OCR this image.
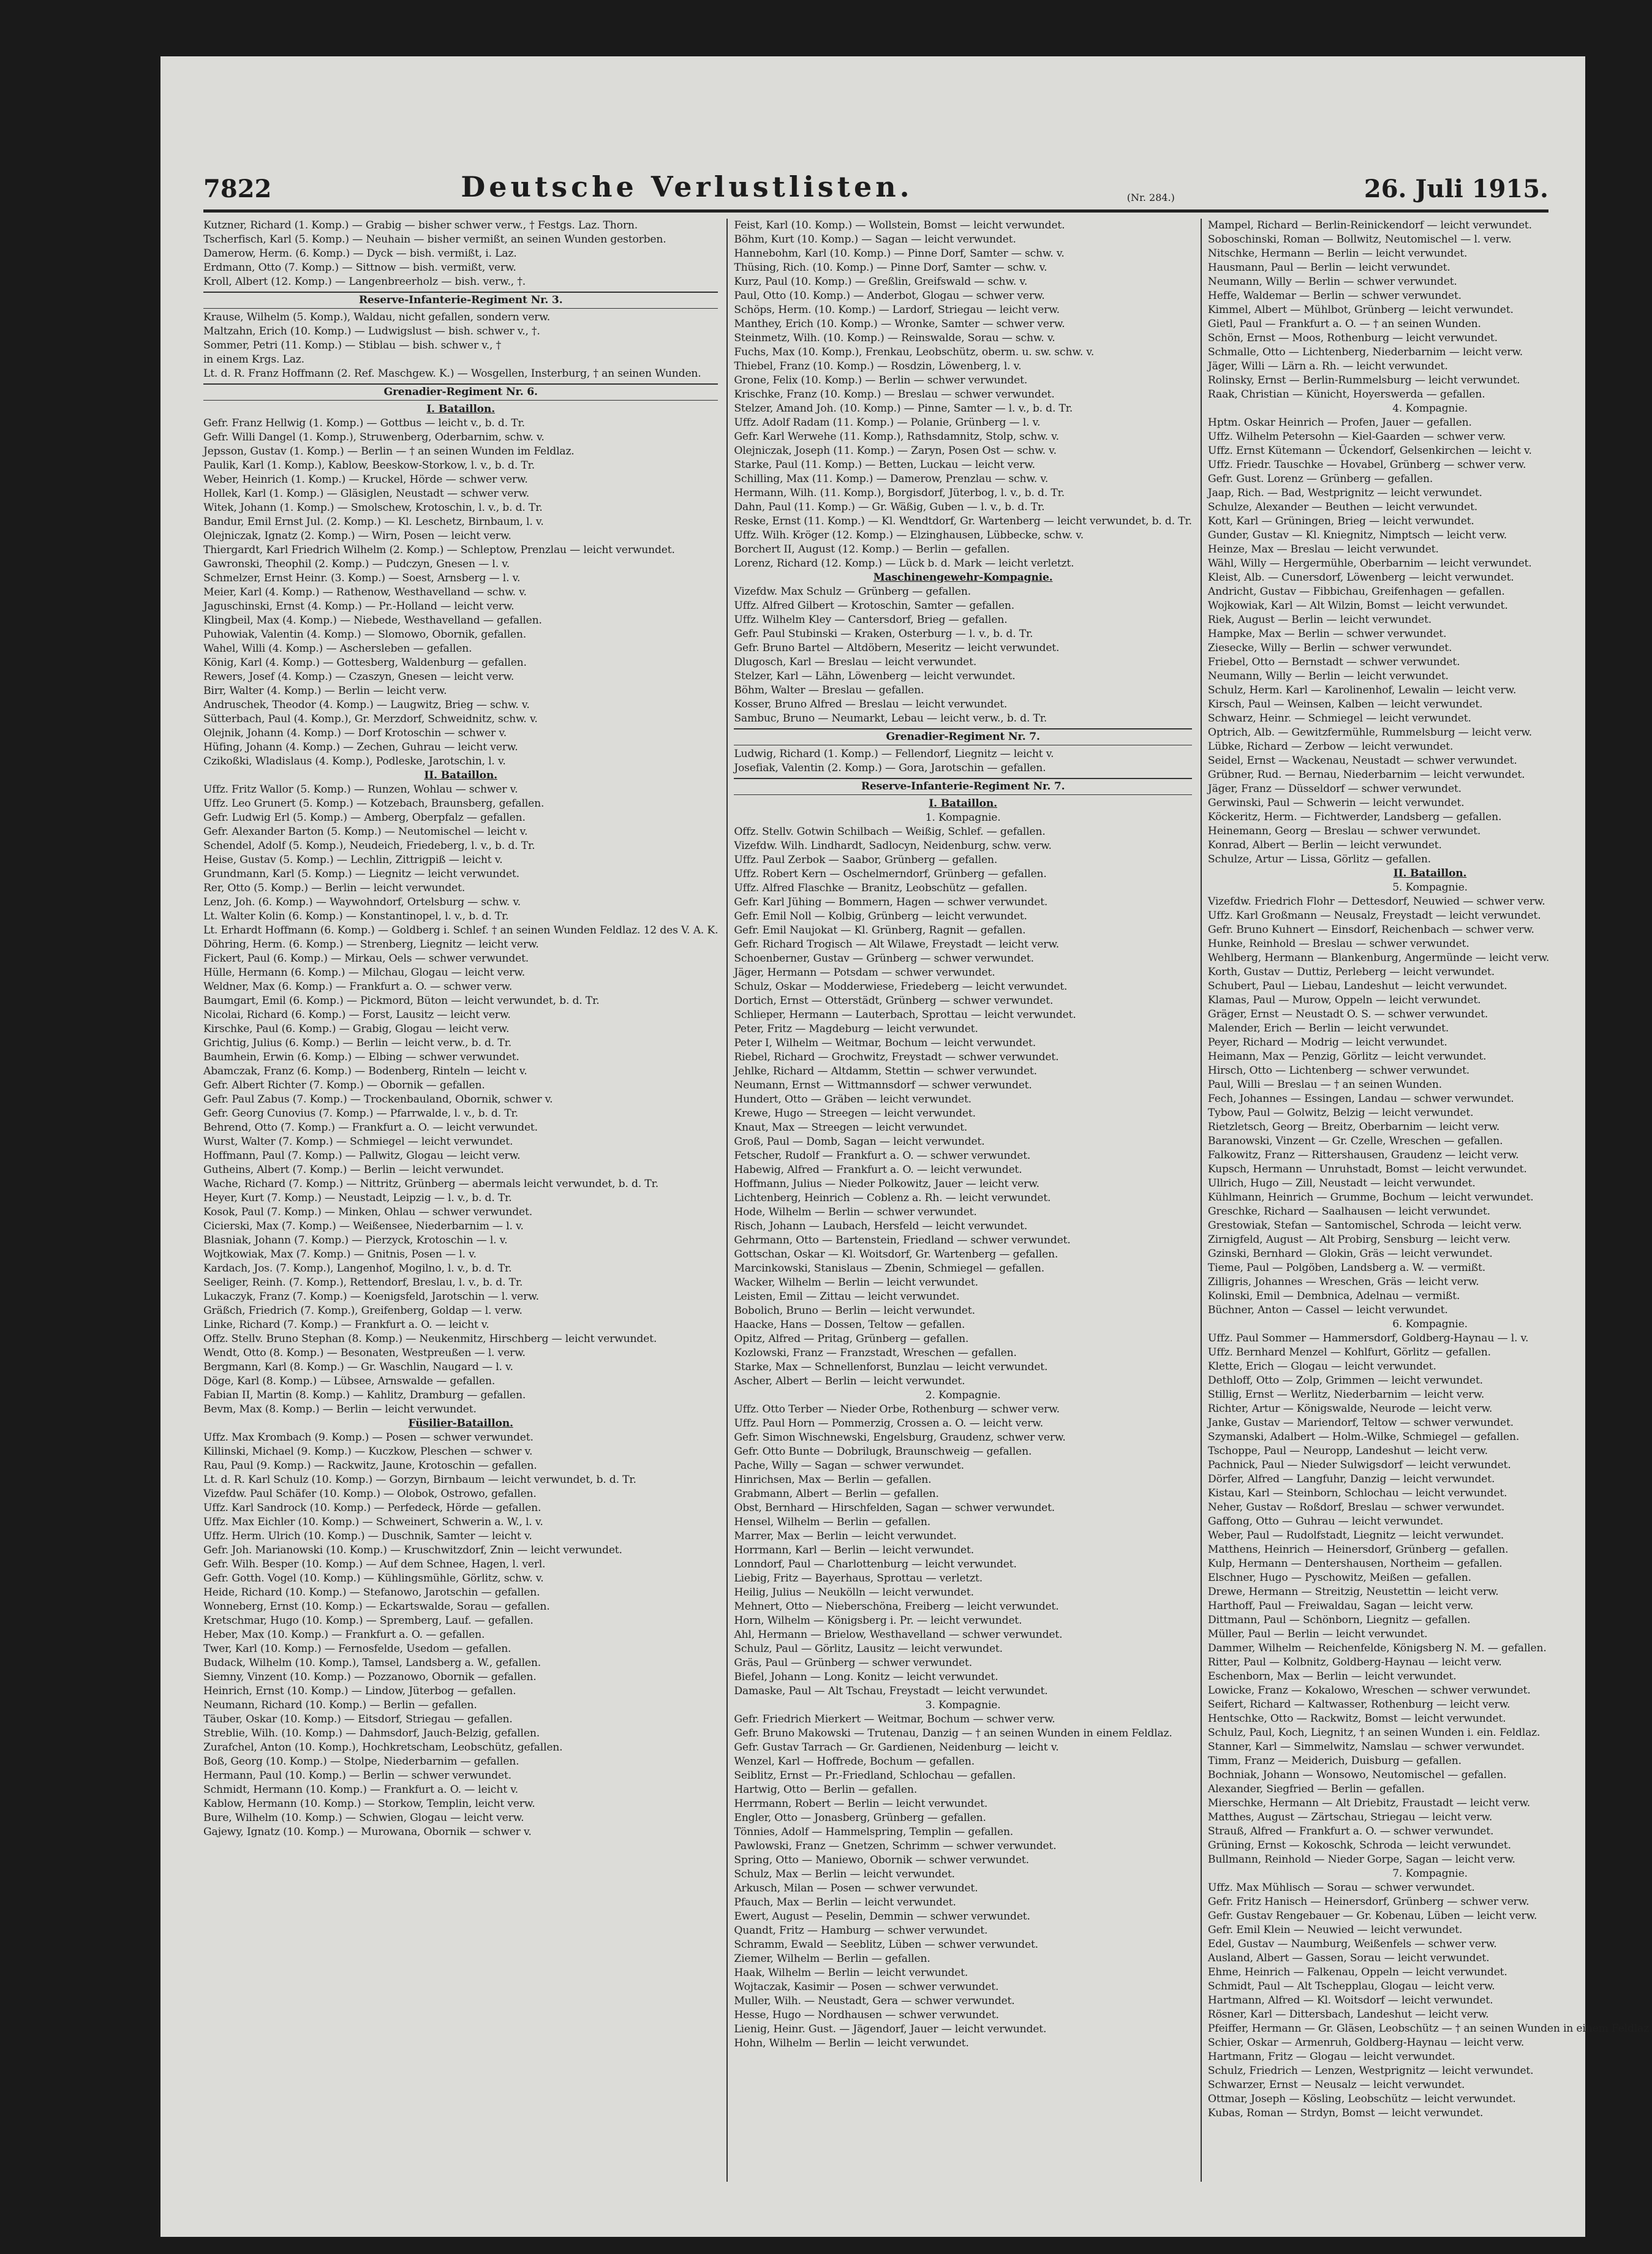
7822	Deutsche Verlustlisten.	(Nr. 284.)	26. Juli 1915.
Kutzner, Richard (1. Komp.) — Grabig — bisher schwer verw., † Festgs. Laz. Thorn.
Tscherfisch, Karl (5. Komp.) — Neuhain — bisher vermißt, an seinen Wunden gestorben.
Damerow, Herm. (6. Komp.) — Dyck — bish. vermißt, i. Laz.
Erdmann, Otto (7. Komp.) — Sittnow — bish. vermißt, verw.
Kroll, Albert (12. Komp.) — Langenbreerholz — bish. verw., †.
Reserve-Infanterie-Regiment Nr. 3.
Krause, Wilhelm (5. Komp.), Waldau, nicht gefallen, sondern verw.
Maltzahn, Erich (10. Komp.) — Ludwigslust — bish. schwer v., †.
Sommer, Petri (11. Komp.) — Stiblau — bish. schwer v., †
in einem Krgs. Laz.
Lt. d. R. Franz Hoffmann (2. Ref. Maschgew. K.) — Wosgellen, Insterburg, † an seinen Wunden.
Grenadier-Regiment Nr. 6.
I. Bataillon.
Gefr. Franz Hellwig (1. Komp.) — Gottbus — leicht v., b. d. Tr.
Gefr. Willi Dangel (1. Komp.), Struwenberg, Oderbarnim, schw. v.
Jepsson, Gustav (1. Komp.) — Berlin — † an seinen Wunden im Feldlaz.
Paulik, Karl (1. Komp.), Kablow, Beeskow-Storkow, l. v., b. d. Tr.
Weber, Heinrich (1. Komp.) — Kruckel, Hörde — schwer verw.
Hollek, Karl (1. Komp.) — Gläsiglen, Neustadt — schwer verw.
Witek, Johann (1. Komp.) — Smolschew, Krotoschin, l. v., b. d. Tr.
Bandur, Emil Ernst Jul. (2. Komp.) — Kl. Leschetz, Birnbaum, l. v.
Olejniczak, Ignatz (2. Komp.) — Wirn, Posen — leicht verw.
Thiergardt, Karl Friedrich Wilhelm (2. Komp.) — Schleptow, Prenzlau — leicht verwundet.
Gawronski, Theophil (2. Komp.) — Pudczyn, Gnesen — l. v.
Schmelzer, Ernst Heinr. (3. Komp.) — Soest, Arnsberg — l. v.
Meier, Karl (4. Komp.) — Rathenow, Westhavelland — schw. v.
Jaguschinski, Ernst (4. Komp.) — Pr.-Holland — leicht verw.
Klingbeil, Max (4. Komp.) — Niebede, Westhavelland — gefallen.
Puhowiak, Valentin (4. Komp.) — Slomowo, Obornik, gefallen.
Wahel, Willi (4. Komp.) — Aschersleben — gefallen.
König, Karl (4. Komp.) — Gottesberg, Waldenburg — gefallen.
Rewers, Josef (4. Komp.) — Czaszyn, Gnesen — leicht verw.
Birr, Walter (4. Komp.) — Berlin — leicht verw.
Andruschek, Theodor (4. Komp.) — Laugwitz, Brieg — schw. v.
Sütterbach, Paul (4. Komp.), Gr. Merzdorf, Schweidnitz, schw. v.
Olejnik, Johann (4. Komp.) — Dorf Krotoschin — schwer v.
Hüfing, Johann (4. Komp.) — Zechen, Guhrau — leicht verw.
Czikoßki, Wladislaus (4. Komp.), Podleske, Jarotschin, l. v.
II. Bataillon.
Uffz. Fritz Wallor (5. Komp.) — Runzen, Wohlau — schwer v.
Uffz. Leo Grunert (5. Komp.) — Kotzebach, Braunsberg, gefallen.
Gefr. Ludwig Erl (5. Komp.) — Amberg, Oberpfalz — gefallen.
Gefr. Alexander Barton (5. Komp.) — Neutomischel — leicht v.
Schendel, Adolf (5. Komp.), Neudeich, Friedeberg, l. v., b. d. Tr.
Heise, Gustav (5. Komp.) — Lechlin, Zittrigpiß — leicht v.
Grundmann, Karl (5. Komp.) — Liegnitz — leicht verwundet.
Rer, Otto (5. Komp.) — Berlin — leicht verwundet.
Lenz, Joh. (6. Komp.) — Waywohndorf, Ortelsburg — schw. v.
Lt. Walter Kolin (6. Komp.) — Konstantinopel, l. v., b. d. Tr.
Lt. Erhardt Hoffmann (6. Komp.) — Goldberg i. Schlef. † an seinen Wunden Feldlaz. 12 des V. A. K.
Döhring, Herm. (6. Komp.) — Strenberg, Liegnitz — leicht verw.
Fickert, Paul (6. Komp.) — Mirkau, Oels — schwer verwundet.
Hülle, Hermann (6. Komp.) — Milchau, Glogau — leicht verw.
Weldner, Max (6. Komp.) — Frankfurt a. O. — schwer verw.
Baumgart, Emil (6. Komp.) — Pickmord, Büton — leicht verwundet, b. d. Tr.
Nicolai, Richard (6. Komp.) — Forst, Lausitz — leicht verw.
Kirschke, Paul (6. Komp.) — Grabig, Glogau — leicht verw.
Grichtig, Julius (6. Komp.) — Berlin — leicht verw., b. d. Tr.
Baumhein, Erwin (6. Komp.) — Elbing — schwer verwundet.
Abamczak, Franz (6. Komp.) — Bodenberg, Rinteln — leicht v.
Gefr. Albert Richter (7. Komp.) — Obornik — gefallen.
Gefr. Paul Zabus (7. Komp.) — Trockenbauland, Obornik, schwer v.
Gefr. Georg Cunovius (7. Komp.) — Pfarrwalde, l. v., b. d. Tr.
Behrend, Otto (7. Komp.) — Frankfurt a. O. — leicht verwundet.
Wurst, Walter (7. Komp.) — Schmiegel — leicht verwundet.
Hoffmann, Paul (7. Komp.) — Pallwitz, Glogau — leicht verw.
Gutheins, Albert (7. Komp.) — Berlin — leicht verwundet.
Wache, Richard (7. Komp.) — Nittritz, Grünberg — abermals leicht verwundet, b. d. Tr.
Heyer, Kurt (7. Komp.) — Neustadt, Leipzig — l. v., b. d. Tr.
Kosok, Paul (7. Komp.) — Minken, Ohlau — schwer verwundet.
Cicierski, Max (7. Komp.) — Weißensee, Niederbarnim — l. v.
Blasniak, Johann (7. Komp.) — Pierzyck, Krotoschin — l. v.
Wojtkowiak, Max (7. Komp.) — Gnitnis, Posen — l. v.
Kardach, Jos. (7. Komp.), Langenhof, Mogilno, l. v., b. d. Tr.
Seeliger, Reinh. (7. Komp.), Rettendorf, Breslau, l. v., b. d. Tr.
Lukaczyk, Franz (7. Komp.) — Koenigsfeld, Jarotschin — l. verw.
Gräßch, Friedrich (7. Komp.), Greifenberg, Goldap — l. verw.
Linke, Richard (7. Komp.) — Frankfurt a. O. — leicht v.
Offz. Stellv. Bruno Stephan (8. Komp.) — Neukenmitz, Hirschberg — leicht verwundet.
Wendt, Otto (8. Komp.) — Besonaten, Westpreußen — l. verw.
Bergmann, Karl (8. Komp.) — Gr. Waschlin, Naugard — l. v.
Döge, Karl (8. Komp.) — Lübsee, Arnswalde — gefallen.
Fabian II, Martin (8. Komp.) — Kahlitz, Dramburg — gefallen.
Bevm, Max (8. Komp.) — Berlin — leicht verwundet.
Füsilier-Bataillon.
Uffz. Max Krombach (9. Komp.) — Posen — schwer verwundet.
Killinski, Michael (9. Komp.) — Kuczkow, Pleschen — schwer v.
Rau, Paul (9. Komp.) — Rackwitz, Jaune, Krotoschin — gefallen.
Lt. d. R. Karl Schulz (10. Komp.) — Gorzyn, Birnbaum — leicht verwundet, b. d. Tr.
Vizefdw. Paul Schäfer (10. Komp.) — Olobok, Ostrowo, gefallen.
Uffz. Karl Sandrock (10. Komp.) — Perfedeck, Hörde — gefallen.
Uffz. Max Eichler (10. Komp.) — Schweinert, Schwerin a. W., l. v.
Uffz. Herm. Ulrich (10. Komp.) — Duschnik, Samter — leicht v.
Gefr. Joh. Marianowski (10. Komp.) — Kruschwitzdorf, Znin — leicht verwundet.
Gefr. Wilh. Besper (10. Komp.) — Auf dem Schnee, Hagen, l. verl.
Gefr. Gotth. Vogel (10. Komp.) — Kühlingsmühle, Görlitz, schw. v.
Heide, Richard (10. Komp.) — Stefanowo, Jarotschin — gefallen.
Wonneberg, Ernst (10. Komp.) — Eckartswalde, Sorau — gefallen.
Kretschmar, Hugo (10. Komp.) — Spremberg, Lauf. — gefallen.
Heber, Max (10. Komp.) — Frankfurt a. O. — gefallen.
Twer, Karl (10. Komp.) — Fernosfelde, Usedom — gefallen.
Budack, Wilhelm (10. Komp.), Tamsel, Landsberg a. W., gefallen.
Siemny, Vinzent (10. Komp.) — Pozzanowo, Obornik — gefallen.
Heinrich, Ernst (10. Komp.) — Lindow, Jüterbog — gefallen.
Neumann, Richard (10. Komp.) — Berlin — gefallen.
Täuber, Oskar (10. Komp.) — Eitsdorf, Striegau — gefallen.
Streblie, Wilh. (10. Komp.) — Dahmsdorf, Jauch-Belzig, gefallen.
Zurafchel, Anton (10. Komp.), Hochkretscham, Leobschütz, gefallen.
Boß, Georg (10. Komp.) — Stolpe, Niederbarnim — gefallen.
Hermann, Paul (10. Komp.) — Berlin — schwer verwundet.
Schmidt, Hermann (10. Komp.) — Frankfurt a. O. — leicht v.
Kablow, Hermann (10. Komp.) — Storkow, Templin, leicht verw.
Bure, Wilhelm (10. Komp.) — Schwien, Glogau — leicht verw.
Gajewy, Ignatz (10. Komp.) — Murowana, Obornik — schwer v.
Feist, Karl (10. Komp.) — Wollstein, Bomst — leicht verwundet.
Böhm, Kurt (10. Komp.) — Sagan — leicht verwundet.
Hannebohm, Karl (10. Komp.) — Pinne Dorf, Samter — schw. v.
Thüsing, Rich. (10. Komp.) — Pinne Dorf, Samter — schw. v.
Kurz, Paul (10. Komp.) — Greßlin, Greifswald — schw. v.
Paul, Otto (10. Komp.) — Anderbot, Glogau — schwer verw.
Schöps, Herm. (10. Komp.) — Lardorf, Striegau — leicht verw.
Manthey, Erich (10. Komp.) — Wronke, Samter — schwer verw.
Steinmetz, Wilh. (10. Komp.) — Reinswalde, Sorau — schw. v.
Fuchs, Max (10. Komp.), Frenkau, Leobschütz, oberm. u. sw. schw. v.
Thiebel, Franz (10. Komp.) — Rosdzin, Löwenberg, l. v.
Grone, Felix (10. Komp.) — Berlin — schwer verwundet.
Krischke, Franz (10. Komp.) — Breslau — schwer verwundet.
Stelzer, Amand Joh. (10. Komp.) — Pinne, Samter — l. v., b. d. Tr.
Uffz. Adolf Radam (11. Komp.) — Polanie, Grünberg — l. v.
Gefr. Karl Werwehe (11. Komp.), Rathsdamnitz, Stolp, schw. v.
Olejniczak, Joseph (11. Komp.) — Zaryn, Posen Ost — schw. v.
Starke, Paul (11. Komp.) — Betten, Luckau — leicht verw.
Schilling, Max (11. Komp.) — Damerow, Prenzlau — schw. v.
Hermann, Wilh. (11. Komp.), Borgisdorf, Jüterbog, l. v., b. d. Tr.
Dahn, Paul (11. Komp.) — Gr. Wäßig, Guben — l. v., b. d. Tr.
Reske, Ernst (11. Komp.) — Kl. Wendtdorf, Gr. Wartenberg — leicht verwundet, b. d. Tr.
Uffz. Wilh. Kröger (12. Komp.) — Elzinghausen, Lübbecke, schw. v.
Borchert II, August (12. Komp.) — Berlin — gefallen.
Lorenz, Richard (12. Komp.) — Lück b. d. Mark — leicht verletzt.
Maschinengewehr-Kompagnie.
Vizefdw. Max Schulz — Grünberg — gefallen.
Uffz. Alfred Gilbert — Krotoschin, Samter — gefallen.
Uffz. Wilhelm Kley — Cantersdorf, Brieg — gefallen.
Gefr. Paul Stubinski — Kraken, Osterburg — l. v., b. d. Tr.
Gefr. Bruno Bartel — Altdöbern, Meseritz — leicht verwundet.
Dlugosch, Karl — Breslau — leicht verwundet.
Stelzer, Karl — Lähn, Löwenberg — leicht verwundet.
Böhm, Walter — Breslau — gefallen.
Kosser, Bruno Alfred — Breslau — leicht verwundet.
Sambuc, Bruno — Neumarkt, Lebau — leicht verw., b. d. Tr.
Grenadier-Regiment Nr. 7.
Ludwig, Richard (1. Komp.) — Fellendorf, Liegnitz — leicht v.
Josefiak, Valentin (2. Komp.) — Gora, Jarotschin — gefallen.
Reserve-Infanterie-Regiment Nr. 7.
I. Bataillon.
1. Kompagnie.
Offz. Stellv. Gotwin Schilbach — Weißig, Schlef. — gefallen.
Vizefdw. Wilh. Lindhardt, Sadlocyn, Neidenburg, schw. verw.
Uffz. Paul Zerbok — Saabor, Grünberg — gefallen.
Uffz. Robert Kern — Oschelmerndorf, Grünberg — gefallen.
Uffz. Alfred Flaschke — Branitz, Leobschütz — gefallen.
Gefr. Karl Jühing — Bommern, Hagen — schwer verwundet.
Gefr. Emil Noll — Kolbig, Grünberg — leicht verwundet.
Gefr. Emil Naujokat — Kl. Grünberg, Ragnit — gefallen.
Gefr. Richard Trogisch — Alt Wilawe, Freystadt — leicht verw.
Schoenberner, Gustav — Grünberg — schwer verwundet.
Jäger, Hermann — Potsdam — schwer verwundet.
Schulz, Oskar — Modderwiese, Friedeberg — leicht verwundet.
Dortich, Ernst — Otterstädt, Grünberg — schwer verwundet.
Schlieper, Hermann — Lauterbach, Sprottau — leicht verwundet.
Peter, Fritz — Magdeburg — leicht verwundet.
Peter I, Wilhelm — Weitmar, Bochum — leicht verwundet.
Riebel, Richard — Grochwitz, Freystadt — schwer verwundet.
Jehlke, Richard — Altdamm, Stettin — schwer verwundet.
Neumann, Ernst — Wittmannsdorf — schwer verwundet.
Hundert, Otto — Gräben — leicht verwundet.
Krewe, Hugo — Streegen — leicht verwundet.
Knaut, Max — Streegen — leicht verwundet.
Groß, Paul — Domb, Sagan — leicht verwundet.
Fetscher, Rudolf — Frankfurt a. O. — schwer verwundet.
Habewig, Alfred — Frankfurt a. O. — leicht verwundet.
Hoffmann, Julius — Nieder Polkowitz, Jauer — leicht verw.
Lichtenberg, Heinrich — Coblenz a. Rh. — leicht verwundet.
Hode, Wilhelm — Berlin — schwer verwundet.
Risch, Johann — Laubach, Hersfeld — leicht verwundet.
Gehrmann, Otto — Bartenstein, Friedland — schwer verwundet.
Gottschan, Oskar — Kl. Woitsdorf, Gr. Wartenberg — gefallen.
Marcinkowski, Stanislaus — Zbenin, Schmiegel — gefallen.
Wacker, Wilhelm — Berlin — leicht verwundet.
Leisten, Emil — Zittau — leicht verwundet.
Bobolich, Bruno — Berlin — leicht verwundet.
Haacke, Hans — Dossen, Teltow — gefallen.
Opitz, Alfred — Pritag, Grünberg — gefallen.
Kozlowski, Franz — Franzstadt, Wreschen — gefallen.
Starke, Max — Schnellenforst, Bunzlau — leicht verwundet.
Ascher, Albert — Berlin — leicht verwundet.
2. Kompagnie.
Uffz. Otto Terber — Nieder Orbe, Rothenburg — schwer verw.
Uffz. Paul Horn — Pommerzig, Crossen a. O. — leicht verw.
Gefr. Simon Wischnewski, Engelsburg, Graudenz, schwer verw.
Gefr. Otto Bunte — Dobrilugk, Braunschweig — gefallen.
Pache, Willy — Sagan — schwer verwundet.
Hinrichsen, Max — Berlin — gefallen.
Grabmann, Albert — Berlin — gefallen.
Obst, Bernhard — Hirschfelden, Sagan — schwer verwundet.
Hensel, Wilhelm — Berlin — gefallen.
Marrer, Max — Berlin — leicht verwundet.
Horrmann, Karl — Berlin — leicht verwundet.
Lonndorf, Paul — Charlottenburg — leicht verwundet.
Liebig, Fritz — Bayerhaus, Sprottau — verletzt.
Heilig, Julius — Neukölln — leicht verwundet.
Mehnert, Otto — Nieberschöna, Freiberg — leicht verwundet.
Horn, Wilhelm — Königsberg i. Pr. — leicht verwundet.
Ahl, Hermann — Brielow, Westhavelland — schwer verwundet.
Schulz, Paul — Görlitz, Lausitz — leicht verwundet.
Gräs, Paul — Grünberg — schwer verwundet.
Biefel, Johann — Long. Konitz — leicht verwundet.
Damaske, Paul — Alt Tschau, Freystadt — leicht verwundet.
3. Kompagnie.
Gefr. Friedrich Mierkert — Weitmar, Bochum — schwer verw.
Gefr. Bruno Makowski — Trutenau, Danzig — † an seinen Wunden in einem Feldlaz.
Gefr. Gustav Tarrach — Gr. Gardienen, Neidenburg — leicht v.
Wenzel, Karl — Hoffrede, Bochum — gefallen.
Seiblitz, Ernst — Pr.-Friedland, Schlochau — gefallen.
Hartwig, Otto — Berlin — gefallen.
Herrmann, Robert — Berlin — leicht verwundet.
Engler, Otto — Jonasberg, Grünberg — gefallen.
Tönnies, Adolf — Hammelspring, Templin — gefallen.
Pawlowski, Franz — Gnetzen, Schrimm — schwer verwundet.
Spring, Otto — Maniewo, Obornik — schwer verwundet.
Schulz, Max — Berlin — leicht verwundet.
Arkusch, Milan — Posen — schwer verwundet.
Pfauch, Max — Berlin — leicht verwundet.
Ewert, August — Peselin, Demmin — schwer verwundet.
Quandt, Fritz — Hamburg — schwer verwundet.
Schramm, Ewald — Seeblitz, Lüben — schwer verwundet.
Ziemer, Wilhelm — Berlin — gefallen.
Haak, Wilhelm — Berlin — leicht verwundet.
Wojtaczak, Kasimir — Posen — schwer verwundet.
Muller, Wilh. — Neustadt, Gera — schwer verwundet.
Hesse, Hugo — Nordhausen — schwer verwundet.
Lienig, Heinr. Gust. — Jägendorf, Jauer — leicht verwundet.
Hohn, Wilhelm — Berlin — leicht verwundet.
Mampel, Richard — Berlin-Reinickendorf — leicht verwundet.
Soboschinski, Roman — Bollwitz, Neutomischel — l. verw.
Nitschke, Hermann — Berlin — leicht verwundet.
Hausmann, Paul — Berlin — leicht verwundet.
Neumann, Willy — Berlin — schwer verwundet.
Heffe, Waldemar — Berlin — schwer verwundet.
Kimmel, Albert — Mühlbot, Grünberg — leicht verwundet.
Gietl, Paul — Frankfurt a. O. — † an seinen Wunden.
Schön, Ernst — Moos, Rothenburg — leicht verwundet.
Schmalle, Otto — Lichtenberg, Niederbarnim — leicht verw.
Jäger, Willi — Lärn a. Rh. — leicht verwundet.
Rolinsky, Ernst — Berlin-Rummelsburg — leicht verwundet.
Raak, Christian — Künicht, Hoyerswerda — gefallen.
4. Kompagnie.
Hptm. Oskar Heinrich — Profen, Jauer — gefallen.
Uffz. Wilhelm Petersohn — Kiel-Gaarden — schwer verw.
Uffz. Ernst Kütemann — Ückendorf, Gelsenkirchen — leicht v.
Uffz. Friedr. Tauschke — Hovabel, Grünberg — schwer verw.
Gefr. Gust. Lorenz — Grünberg — gefallen.
Jaap, Rich. — Bad, Westprignitz — leicht verwundet.
Schulze, Alexander — Beuthen — leicht verwundet.
Kott, Karl — Grüningen, Brieg — leicht verwundet.
Gunder, Gustav — Kl. Kniegnitz, Nimptsch — leicht verw.
Heinze, Max — Breslau — leicht verwundet.
Wähl, Willy — Hergermühle, Oberbarnim — leicht verwundet.
Kleist, Alb. — Cunersdorf, Löwenberg — leicht verwundet.
Andricht, Gustav — Fibbichau, Greifenhagen — gefallen.
Wojkowiak, Karl — Alt Wilzin, Bomst — leicht verwundet.
Riek, August — Berlin — leicht verwundet.
Hampke, Max — Berlin — schwer verwundet.
Ziesecke, Willy — Berlin — schwer verwundet.
Friebel, Otto — Bernstadt — schwer verwundet.
Neumann, Willy — Berlin — leicht verwundet.
Schulz, Herm. Karl — Karolinenhof, Lewalin — leicht verw.
Kirsch, Paul — Weinsen, Kalben — leicht verwundet.
Schwarz, Heinr. — Schmiegel — leicht verwundet.
Optrich, Alb. — Gewitzfermühle, Rummelsburg — leicht verw.
Lübke, Richard — Zerbow — leicht verwundet.
Seidel, Ernst — Wackenau, Neustadt — schwer verwundet.
Grübner, Rud. — Bernau, Niederbarnim — leicht verwundet.
Jäger, Franz — Düsseldorf — schwer verwundet.
Gerwinski, Paul — Schwerin — leicht verwundet.
Köckeritz, Herm. — Fichtwerder, Landsberg — gefallen.
Heinemann, Georg — Breslau — schwer verwundet.
Konrad, Albert — Berlin — leicht verwundet.
Schulze, Artur — Lissa, Görlitz — gefallen.
II. Bataillon.
5. Kompagnie.
Vizefdw. Friedrich Flohr — Dettesdorf, Neuwied — schwer verw.
Uffz. Karl Großmann — Neusalz, Freystadt — leicht verwundet.
Gefr. Bruno Kuhnert — Einsdorf, Reichenbach — schwer verw.
Hunke, Reinhold — Breslau — schwer verwundet.
Wehlberg, Hermann — Blankenburg, Angermünde — leicht verw.
Korth, Gustav — Duttiz, Perleberg — leicht verwundet.
Schubert, Paul — Liebau, Landeshut — leicht verwundet.
Klamas, Paul — Murow, Oppeln — leicht verwundet.
Gräger, Ernst — Neustadt O. S. — schwer verwundet.
Malender, Erich — Berlin — leicht verwundet.
Peyer, Richard — Modrig — leicht verwundet.
Heimann, Max — Penzig, Görlitz — leicht verwundet.
Hirsch, Otto — Lichtenberg — schwer verwundet.
Paul, Willi — Breslau — † an seinen Wunden.
Fech, Johannes — Essingen, Landau — schwer verwundet.
Tybow, Paul — Golwitz, Belzig — leicht verwundet.
Rietzletsch, Georg — Breitz, Oberbarnim — leicht verw.
Baranowski, Vinzent — Gr. Czelle, Wreschen — gefallen.
Falkowitz, Franz — Rittershausen, Graudenz — leicht verw.
Kupsch, Hermann — Unruhstadt, Bomst — leicht verwundet.
Ullrich, Hugo — Zill, Neustadt — leicht verwundet.
Kühlmann, Heinrich — Grumme, Bochum — leicht verwundet.
Greschke, Richard — Saalhausen — leicht verwundet.
Grestowiak, Stefan — Santomischel, Schroda — leicht verw.
Zirnigfeld, August — Alt Probirg, Sensburg — leicht verw.
Gzinski, Bernhard — Glokin, Gräs — leicht verwundet.
Tieme, Paul — Polgöben, Landsberg a. W. — vermißt.
Zilligris, Johannes — Wreschen, Gräs — leicht verw.
Kolinski, Emil — Dembnica, Adelnau — vermißt.
Büchner, Anton — Cassel — leicht verwundet.
6. Kompagnie.
Uffz. Paul Sommer — Hammersdorf, Goldberg-Haynau — l. v.
Uffz. Bernhard Menzel — Kohlfurt, Görlitz — gefallen.
Klette, Erich — Glogau — leicht verwundet.
Dethloff, Otto — Zolp, Grimmen — leicht verwundet.
Stillig, Ernst — Werlitz, Niederbarnim — leicht verw.
Richter, Artur — Königswalde, Neurode — leicht verw.
Janke, Gustav — Mariendorf, Teltow — schwer verwundet.
Szymanski, Adalbert — Holm.-Wilke, Schmiegel — gefallen.
Tschoppe, Paul — Neuropp, Landeshut — leicht verw.
Pachnick, Paul — Nieder Sulwigsdorf — leicht verwundet.
Dörfer, Alfred — Langfuhr, Danzig — leicht verwundet.
Kistau, Karl — Steinborn, Schlochau — leicht verwundet.
Neher, Gustav — Roßdorf, Breslau — schwer verwundet.
Gaffong, Otto — Guhrau — leicht verwundet.
Weber, Paul — Rudolfstadt, Liegnitz — leicht verwundet.
Matthens, Heinrich — Heinersdorf, Grünberg — gefallen.
Kulp, Hermann — Dentershausen, Northeim — gefallen.
Elschner, Hugo — Pyschowitz, Meißen — gefallen.
Drewe, Hermann — Streitzig, Neustettin — leicht verw.
Harthoff, Paul — Freiwaldau, Sagan — leicht verw.
Dittmann, Paul — Schönborn, Liegnitz — gefallen.
Müller, Paul — Berlin — leicht verwundet.
Dammer, Wilhelm — Reichenfelde, Königsberg N. M. — gefallen.
Ritter, Paul — Kolbnitz, Goldberg-Haynau — leicht verw.
Eschenborn, Max — Berlin — leicht verwundet.
Lowicke, Franz — Kokalowo, Wreschen — schwer verwundet.
Seifert, Richard — Kaltwasser, Rothenburg — leicht verw.
Hentschke, Otto — Rackwitz, Bomst — leicht verwundet.
Schulz, Paul, Koch, Liegnitz, † an seinen Wunden i. ein. Feldlaz.
Stanner, Karl — Simmelwitz, Namslau — schwer verwundet.
Timm, Franz — Meiderich, Duisburg — gefallen.
Bochniak, Johann — Wonsowo, Neutomischel — gefallen.
Alexander, Siegfried — Berlin — gefallen.
Mierschke, Hermann — Alt Driebitz, Fraustadt — leicht verw.
Matthes, August — Zärtschau, Striegau — leicht verw.
Strauß, Alfred — Frankfurt a. O. — schwer verwundet.
Grüning, Ernst — Kokoschk, Schroda — leicht verwundet.
Bullmann, Reinhold — Nieder Gorpe, Sagan — leicht verw.
7. Kompagnie.
Uffz. Max Mühlisch — Sorau — schwer verwundet.
Gefr. Fritz Hanisch — Heinersdorf, Grünberg — schwer verw.
Gefr. Gustav Rengebauer — Gr. Kobenau, Lüben — leicht verw.
Gefr. Emil Klein — Neuwied — leicht verwundet.
Edel, Gustav — Naumburg, Weißenfels — schwer verw.
Ausland, Albert — Gassen, Sorau — leicht verwundet.
Ehme, Heinrich — Falkenau, Oppeln — leicht verwundet.
Schmidt, Paul — Alt Tschepplau, Glogau — leicht verw.
Hartmann, Alfred — Kl. Woitsdorf — leicht verwundet.
Rösner, Karl — Dittersbach, Landeshut — leicht verw.
Pfeiffer, Hermann — Gr. Gläsen, Leobschütz — † an seinen Wunden in einem Feldlaz.
Schier, Oskar — Armenruh, Goldberg-Haynau — leicht verw.
Hartmann, Fritz — Glogau — leicht verwundet.
Schulz, Friedrich — Lenzen, Westprignitz — leicht verwundet.
Schwarzer, Ernst — Neusalz — leicht verwundet.
Ottmar, Joseph — Kösling, Leobschütz — leicht verwundet.
Kubas, Roman — Strdyn, Bomst — leicht verwundet.
